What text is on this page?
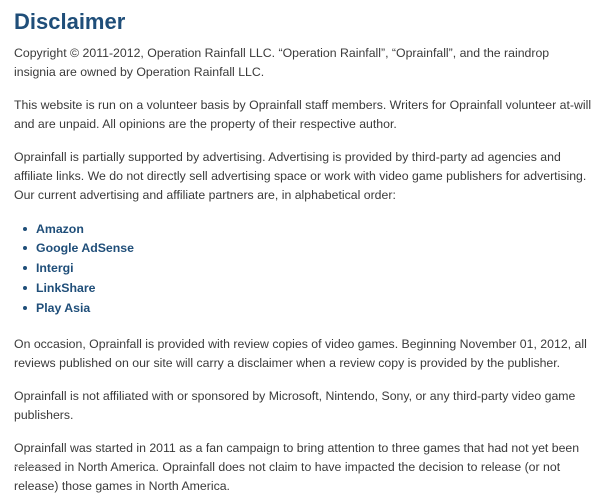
Disclaimer

Copyright © 2011-2012, Operation Rainfall LLC. “Operation Rainfall”, “Oprainfall”, and the raindrop insignia are owned by Operation Rainfall LLC.

This website is run on a volunteer basis by Oprainfall staff members. Writers for Oprainfall volunteer at-will and are unpaid. All opinions are the property of their respective author.

Oprainfall is partially supported by advertising. Advertising is provided by third-party ad agencies and affiliate links. We do not directly sell advertising space or work with video game publishers for advertising. Our current advertising and affiliate partners are, in alphabetical order:

Amazon
Google AdSense
Intergi
LinkShare
Play Asia

On occasion, Oprainfall is provided with review copies of video games. Beginning November 01, 2012, all reviews published on our site will carry a disclaimer when a review copy is provided by the publisher.

Oprainfall is not affiliated with or sponsored by Microsoft, Nintendo, Sony, or any third-party video game publishers.

Oprainfall was started in 2011 as a fan campaign to bring attention to three games that had not yet been released in North America. Oprainfall does not claim to have impacted the decision to release (or not release) those games in North America.
